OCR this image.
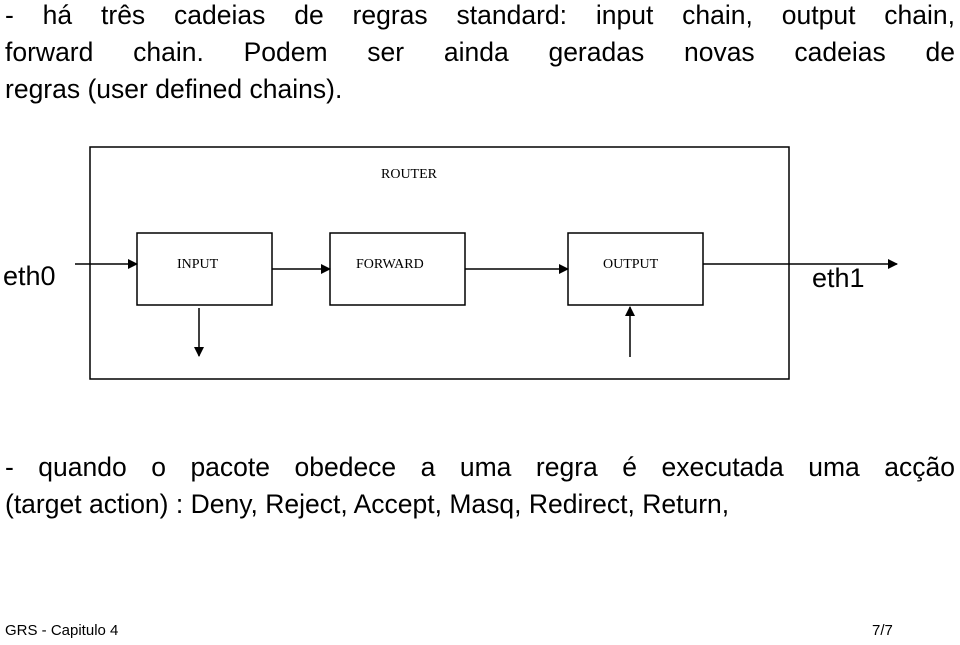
- há três cadeias de regras standard: input chain, output chain,
forward chain. Podem ser ainda geradas novas cadeias de
regras (user defined chains).
ROUTER
INPUT	FORWARD	OUTPUT
eth0	eth1
- quando o pacote obedece a uma regra é executada uma acção
(target action) : Deny, Reject, Accept, Masq, Redirect, Return,
GRS - Capitulo 4	7/7
